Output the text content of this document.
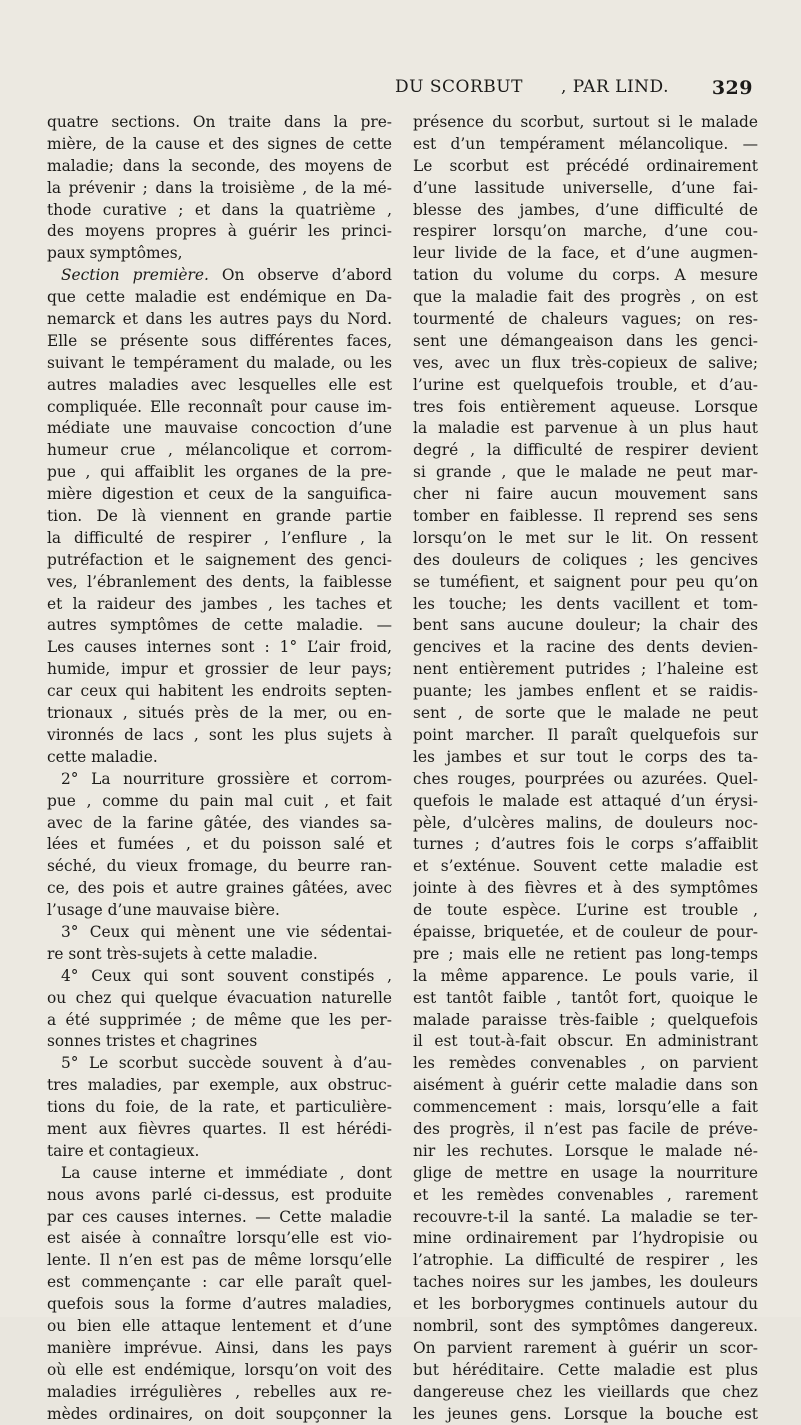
DU SCORBUT , PAR LIND. 329
quatre sections. On traite dans la pre-
mière, de la cause et des signes de cette
maladie; dans la seconde, des moyens de
la prévenir ; dans la troisième , de la mé-
thode curative ; et dans la quatrième ,
des moyens propres à guérir les princi-
paux symptômes,
Section première. On observe d’abord
que cette maladie est endémique en Da-
nemarck et dans les autres pays du Nord.
Elle se présente sous différentes faces,
suivant le tempérament du malade, ou les
autres maladies avec lesquelles elle est
compliquée. Elle reconnaît pour cause im-
médiate une mauvaise concoction d’une
humeur crue , mélancolique et corrom-
pue , qui affaiblit les organes de la pre-
mière digestion et ceux de la sanguifica-
tion. De là viennent en grande partie
la difficulté de respirer , l’enflure , la
putréfaction et le saignement des genci-
ves, l’ébranlement des dents, la faiblesse
et la raideur des jambes , les taches et
autres symptômes de cette maladie. —
Les causes internes sont : 1° L’air froid,
humide, impur et grossier de leur pays;
car ceux qui habitent les endroits septen-
trionaux , situés près de la mer, ou en-
vironnés de lacs , sont les plus sujets à
cette maladie.
2° La nourriture grossière et corrom-
pue , comme du pain mal cuit , et fait
avec de la farine gâtée, des viandes sa-
lées et fumées , et du poisson salé et
séché, du vieux fromage, du beurre ran-
ce, des pois et autre graines gâtées, avec
l’usage d’une mauvaise bière.
3° Ceux qui mènent une vie sédentai-
re sont très-sujets à cette maladie.
4° Ceux qui sont souvent constipés ,
ou chez qui quelque évacuation naturelle
a été supprimée ; de même que les per-
sonnes tristes et chagrines
5° Le scorbut succède souvent à d’au-
tres maladies, par exemple, aux obstruc-
tions du foie, de la rate, et particulière-
ment aux fièvres quartes. Il est hérédi-
taire et contagieux.
La cause interne et immédiate , dont
nous avons parlé ci-dessus, est produite
par ces causes internes. — Cette maladie
est aisée à connaître lorsqu’elle est vio-
lente. Il n’en est pas de même lorsqu’elle
est commençante : car elle paraît quel-
quefois sous la forme d’autres maladies,
ou bien elle attaque lentement et d’une
manière imprévue. Ainsi, dans les pays
où elle est endémique, lorsqu’on voit des
maladies irrégulières , rebelles aux re-
mèdes ordinaires, on doit soupçonner la
présence du scorbut, surtout si le malade
est d’un tempérament mélancolique. —
Le scorbut est précédé ordinairement
d’une lassitude universelle, d’une fai-
blesse des jambes, d’une difficulté de
respirer lorsqu’on marche, d’une cou-
leur livide de la face, et d’une augmen-
tation du volume du corps. A mesure
que la maladie fait des progrès , on est
tourmenté de chaleurs vagues; on res-
sent une démangeaison dans les genci-
ves, avec un flux très-copieux de salive;
l’urine est quelquefois trouble, et d’au-
tres fois entièrement aqueuse. Lorsque
la maladie est parvenue à un plus haut
degré , la difficulté de respirer devient
si grande , que le malade ne peut mar-
cher ni faire aucun mouvement sans
tomber en faiblesse. Il reprend ses sens
lorsqu’on le met sur le lit. On ressent
des douleurs de coliques ; les gencives
se tuméfient, et saignent pour peu qu’on
les touche; les dents vacillent et tom-
bent sans aucune douleur; la chair des
gencives et la racine des dents devien-
nent entièrement putrides ; l’haleine est
puante; les jambes enflent et se raidis-
sent , de sorte que le malade ne peut
point marcher. Il paraît quelquefois sur
les jambes et sur tout le corps des ta-
ches rouges, pourprées ou azurées. Quel-
quefois le malade est attaqué d’un érysi-
pèle, d’ulcères malins, de douleurs noc-
turnes ; d’autres fois le corps s’affaiblit
et s’exténue. Souvent cette maladie est
jointe à des fièvres et à des symptômes
de toute espèce. L’urine est trouble ,
épaisse, briquetée, et de couleur de pour-
pre ; mais elle ne retient pas long-temps
la même apparence. Le pouls varie, il
est tantôt faible , tantôt fort, quoique le
malade paraisse très-faible ; quelquefois
il est tout-à-fait obscur. En administrant
les remèdes convenables , on parvient
aisément à guérir cette maladie dans son
commencement : mais, lorsqu’elle a fait
des progrès, il n’est pas facile de préve-
nir les rechutes. Lorsque le malade né-
glige de mettre en usage la nourriture
et les remèdes convenables , rarement
recouvre-t-il la santé. La maladie se ter-
mine ordinairement par l’hydropisie ou
l’atrophie. La difficulté de respirer , les
taches noires sur les jambes, les douleurs
et les borborygmes continuels autour du
nombril, sont des symptômes dangereux.
On parvient rarement à guérir un scor-
but héréditaire. Cette maladie est plus
dangereuse chez les vieillards que chez
les jeunes gens. Lorsque la bouche est
